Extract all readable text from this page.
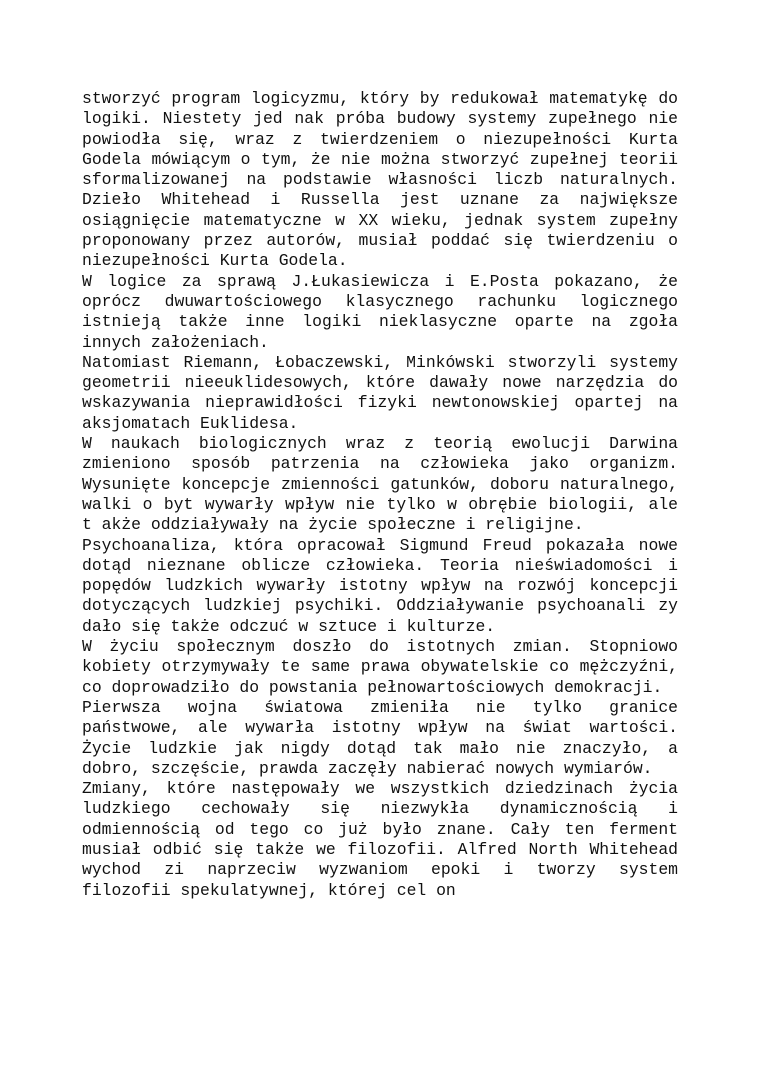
stworzyć program logicyzmu, który by redukował matematykę do logiki. Niestety jed nak próba budowy systemy zupełnego nie powiodła się, wraz z twierdzeniem o niezupełności Kurta Godela mówiącym o tym, że nie można stworzyć zupełnej teorii sformalizowanej na podstawie własności liczb naturalnych. Dzieło Whitehead i Russella jest uznane za największe osiągnięcie matematyczne w XX wieku, jednak system zupełny proponowany przez autorów, musiał poddać się twierdzeniu o niezupełności Kurta Godela.

W logice za sprawą J.Łukasiewicza i E.Posta pokazano, że oprócz dwuwartościowego klasycznego rachunku logicznego istnieją także inne logiki nieklasyczne oparte na zgoła innych założeniach.

Natomiast Riemann, Łobaczewski, Minkówski stworzyli systemy geometrii nieeuklidesowych, które dawały nowe narzędzia do wskazywania nieprawidłości fizyki newtonowskiej opartej na aksjomatach Euklidesa.

W naukach biologicznych wraz z teorią ewolucji Darwina zmieniono sposób patrzenia na człowieka jako organizm. Wysunięte koncepcje zmienności gatunków, doboru naturalnego, walki o byt wywarły wpływ nie tylko w obrębie biologii, ale t akże oddziaływały na życie społeczne i religijne.

Psychoanaliza, która opracował Sigmund Freud pokazała nowe dotąd nieznane oblicze człowieka. Teoria nieświadomości i popędów ludzkich wywarły istotny wpływ na rozwój koncepcji dotyczących ludzkiej psychiki. Oddziaływanie psychoanali zy dało się także odczuć w sztuce i kulturze.

W życiu społecznym doszło do istotnych zmian. Stopniowo kobiety otrzymywały te same prawa obywatelskie co mężczyźni, co doprowadziło do powstania pełnowartościowych demokracji.

Pierwsza wojna światowa zmieniła nie tylko granice państwowe, ale wywarła istotny wpływ na świat wartości. Życie ludzkie jak nigdy dotąd tak mało nie znaczyło, a dobro, szczęście, prawda zaczęły nabierać nowych wymiarów.

Zmiany, które następowały we wszystkich dziedzinach życia ludzkiego cechowały się niezwykła dynamicznością i odmiennością od tego co już było znane. Cały ten ferment musiał odbić się także we filozofii. Alfred North Whitehead wychod zi naprzeciw wyzwaniom epoki i tworzy system filozofii spekulatywnej, której cel on
